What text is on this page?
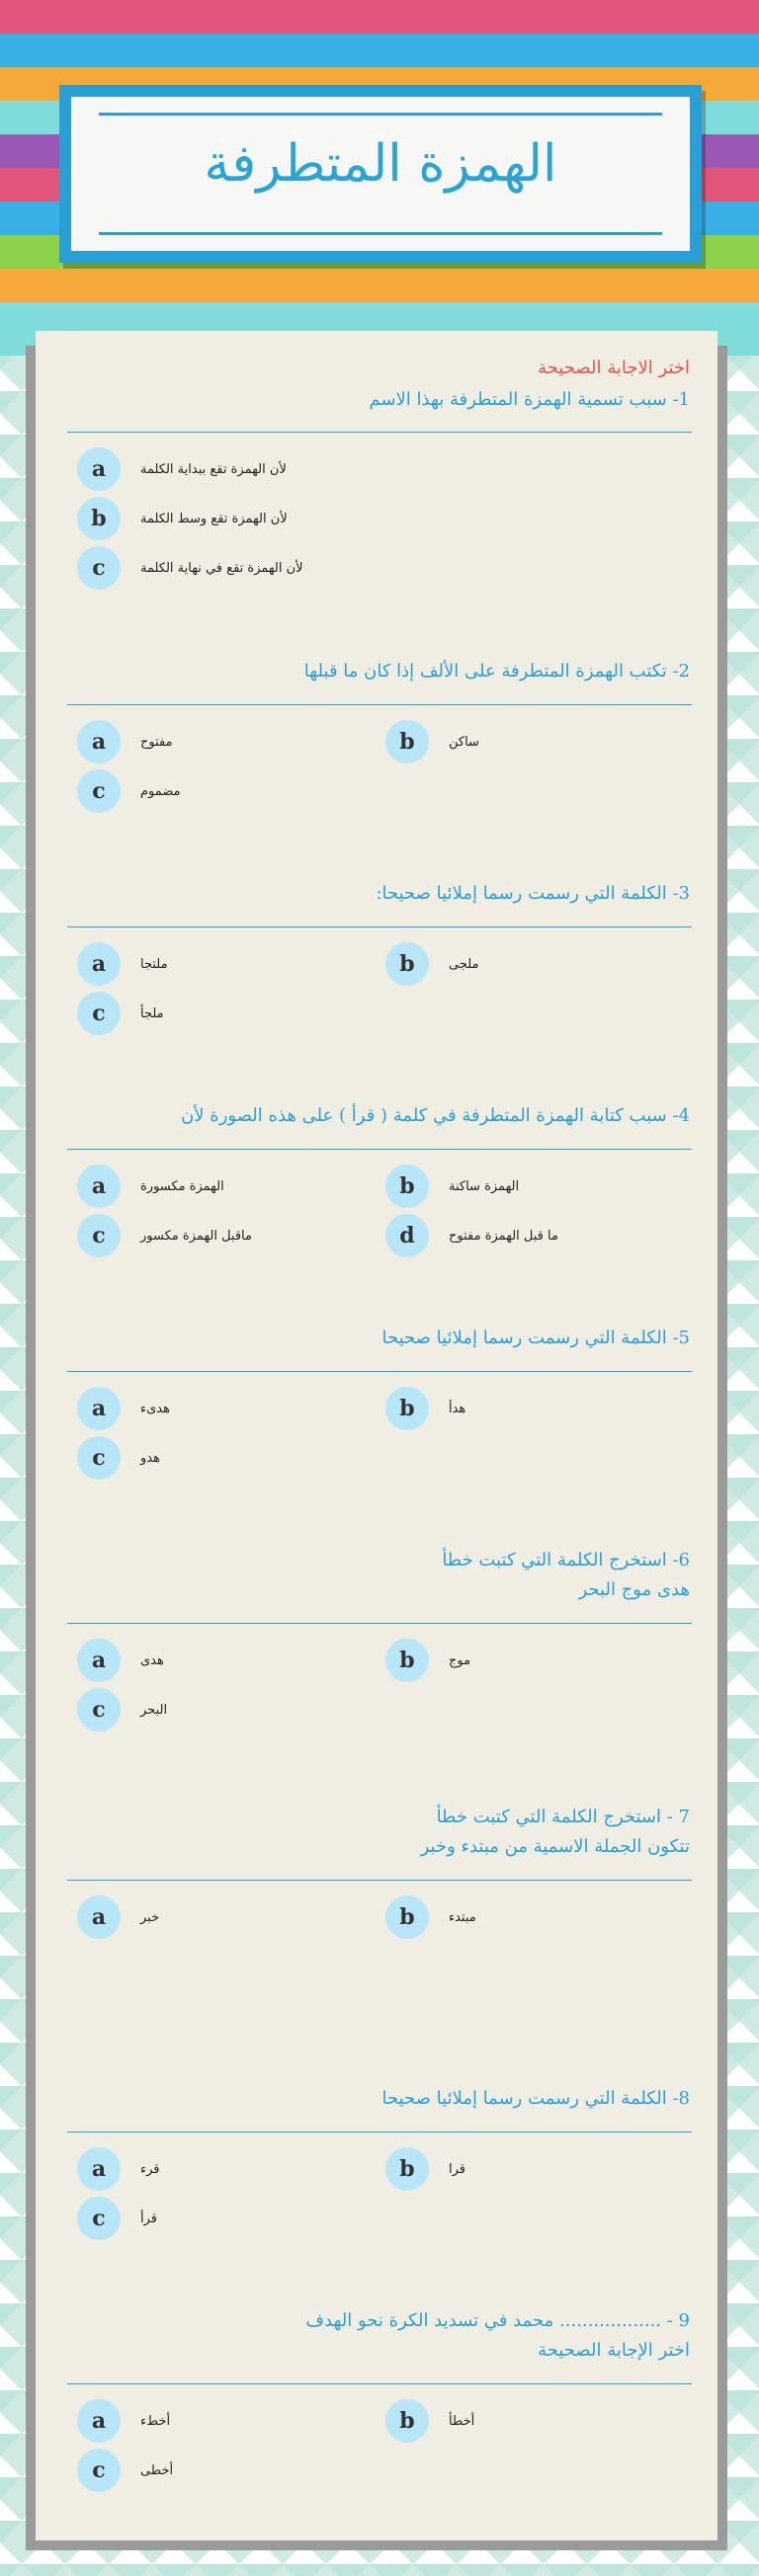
الهمزة المتطرفة
اختر الاجابة الصحيحة
1- سبب تسمية الهمزة المتطرفة بهذا الاسم
a	لأن الهمزة تقع ببداية الكلمة
b	لأن الهمزة تقع وسط الكلمة
c	لأن الهمزة تقع في نهاية الكلمة
2- تكتب الهمزة المتطرفة على الألف إذا كان ما قبلها
a	مفتوح	b	ساكن
c	مضموم
3- الكلمة التي رسمت رسما إملائيا صحيحا:
a	ملتجا	b	ملجى
c	ملجأ
4- سبب كتابة الهمزة المتطرفة في كلمة ( قرأ ) على هذه الصورة لأن
a	الهمزة مكسورة	b	الهمزة ساكنة
c	ماقبل الهمزة مكسور	d	ما قبل الهمزة مفتوح
5- الكلمة التي رسمت رسما إملائيا صحيحا
a	هدىء	b	هدأ
c	هدو
6- استخرج الكلمة التي كتبت خطأ
هدى موج البحر
a	هدى	b	موج
c	البحر
7 - استخرج الكلمة التي كتبت خطأ
تتكون الجملة الاسمية من مبتدء وخبر
a	خبر	b	مبتدء
8- الكلمة التي رسمت رسما إملائيا صحيحا
a	قرء	b	قرا
c	قرأ
9 - .................. محمد في تسديد الكرة نحو الهدف
اختر الإجابة الصحيحة
a	أخطء	b	أخطأ
c	أخطى
